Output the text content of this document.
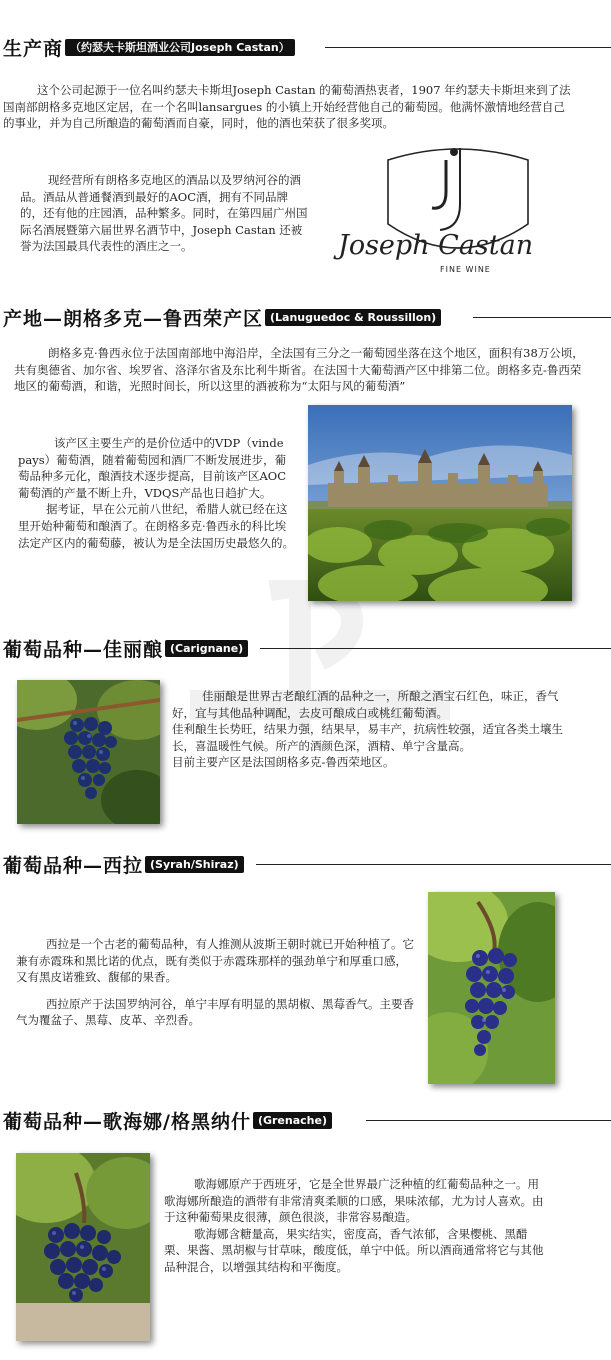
生产商 （约瑟夫卡斯坦酒业公司Joseph Castan）

这个公司起源于一位名叫约瑟夫卡斯坦Joseph Castan 的葡萄酒热衷者，1907 年约瑟夫卡斯坦来到了法国南部朗格多克地区定居，在一个名叫lansargues 的小镇上开始经营他自己的葡萄园。他满怀激情地经营自己的事业，并为自己所酿造的葡萄酒而自豪，同时，他的酒也荣获了很多奖项。

现经营所有朗格多克地区的酒品以及罗纳河谷的酒品。酒品从普通餐酒到最好的AOC酒，拥有不同品牌的，还有他的庄园酒，品种繁多。同时，在第四届广州国际名酒展暨第六届世界名酒节中，Joseph Castan 还被誉为法国最具代表性的酒庄之一。	Joseph Castan
FINE WINE
产地—朗格多克—鲁西荣产区 (Lanuguedoc & Roussillon)

朗格多克·鲁西永位于法国南部地中海沿岸，全法国有三分之一葡萄园坐落在这个地区，面积有38万公顷，共有奥德省、加尔省、埃罗省、洛泽尔省及东比利牛斯省。在法国十大葡萄酒产区中排第二位。朗格多克-鲁西荣地区的葡萄酒，和谐，光照时间长，所以这里的酒被称为“太阳与风的葡萄酒”

该产区主要生产的是价位适中的VDP（vinde pays）葡萄酒，随着葡萄园和酒厂不断发展进步，葡萄品种多元化，酿酒技术逐步提高，目前该产区AOC葡萄酒的产量不断上升，VDQS产品也日趋扩大。

据考证，早在公元前八世纪，希腊人就已经在这里开始种葡萄和酿酒了。在朗格多克·鲁西永的科比埃法定产区内的葡萄藤，被认为是全法国历史最悠久的。

葡萄品种—佳丽酿 (Carignane)

佳丽酿是世界古老酿红酒的品种之一，所酿之酒宝石红色，味正，香气好，宜与其他品种调配，去皮可酿成白或桃红葡萄酒。

佳利酿生长势旺，结果力强，结果早，易丰产，抗病性较强，适宜各类土壤生长，喜温暖性气候。所产的酒颜色深，酒精、单宁含量高。

目前主要产区是法国朗格多克-鲁西荣地区。

葡萄品种—西拉 (Syrah/Shiraz)

西拉是一个古老的葡萄品种，有人推测从波斯王朝时就已开始种植了。它兼有赤霞珠和黑比诺的优点，既有类似于赤霞珠那样的强劲单宁和厚重口感，又有黑皮诺雅致、馥郁的果香。

西拉原产于法国罗纳河谷，单宁丰厚有明显的黑胡椒、黑莓香气。主要香气为覆盆子、黑莓、皮革、辛烈香。

葡萄品种—歌海娜/格黑纳什 (Grenache)

歌海娜原产于西班牙，它是全世界最广泛种植的红葡萄品种之一。用歌海娜所酿造的酒带有非常清爽柔顺的口感，果味浓郁，尤为讨人喜欢。由于这种葡萄果皮很薄，颜色很淡，非常容易酿造。

歌海娜含糖量高，果实结实，密度高，香气浓郁，含果樱桃、黑醋栗、果酱、黑胡椒与甘草味，酸度低，单宁中低。所以酒商通常将它与其他品种混合，以增强其结构和平衡度。
